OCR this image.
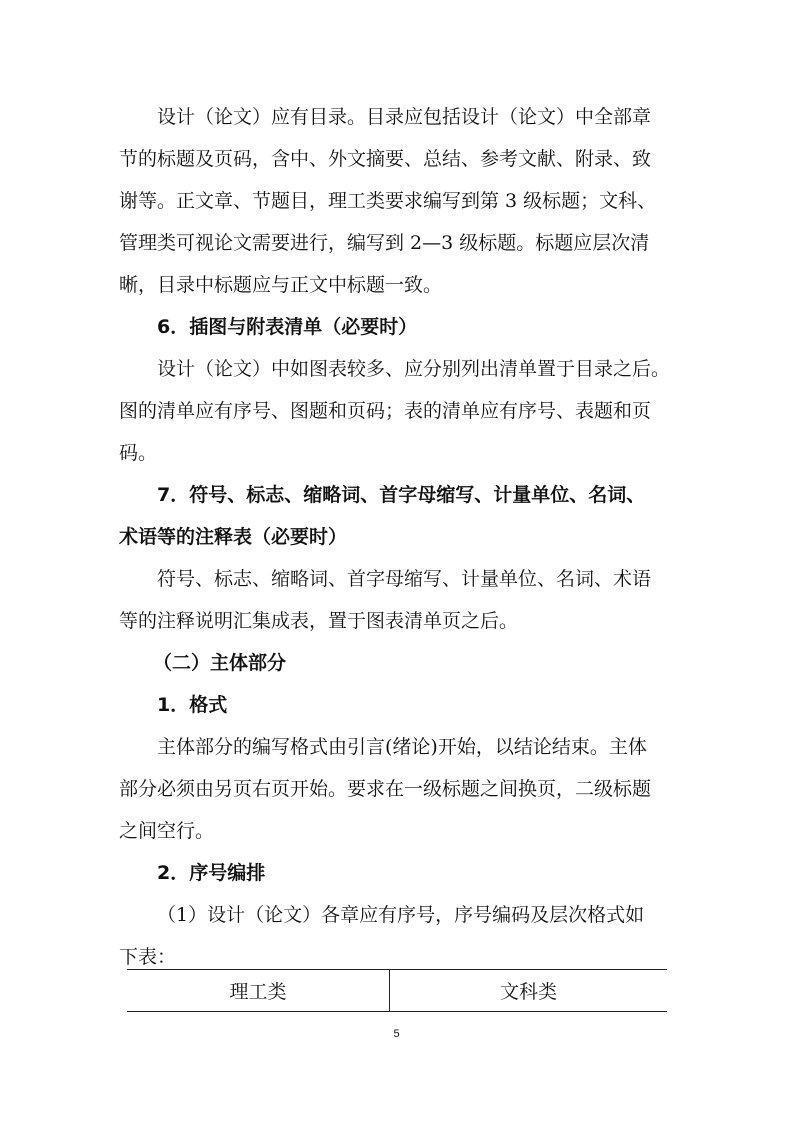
设计（论文）应有目录。目录应包括设计（论文）中全部章
节的标题及页码，含中、外文摘要、总结、参考文献、附录、致
谢等。正文章、节题目，理工类要求编写到第 3 级标题；文科、
管理类可视论文需要进行，编写到 2—3 级标题。标题应层次清
晰，目录中标题应与正文中标题一致。
6．插图与附表清单（必要时）
设计（论文）中如图表较多、应分别列出清单置于目录之后。
图的清单应有序号、图题和页码；表的清单应有序号、表题和页
码。
7．符号、标志、缩略词、首字母缩写、计量单位、名词、
术语等的注释表（必要时）
符号、标志、缩略词、首字母缩写、计量单位、名词、术语
等的注释说明汇集成表，置于图表清单页之后。
（二）主体部分
1．格式
主体部分的编写格式由引言(绪论)开始，以结论结束。主体
部分必须由另页右页开始。要求在一级标题之间换页，二级标题
之间空行。
2．序号编排
（1）设计（论文）各章应有序号，序号编码及层次格式如
下表：
理工类	文科类
5
